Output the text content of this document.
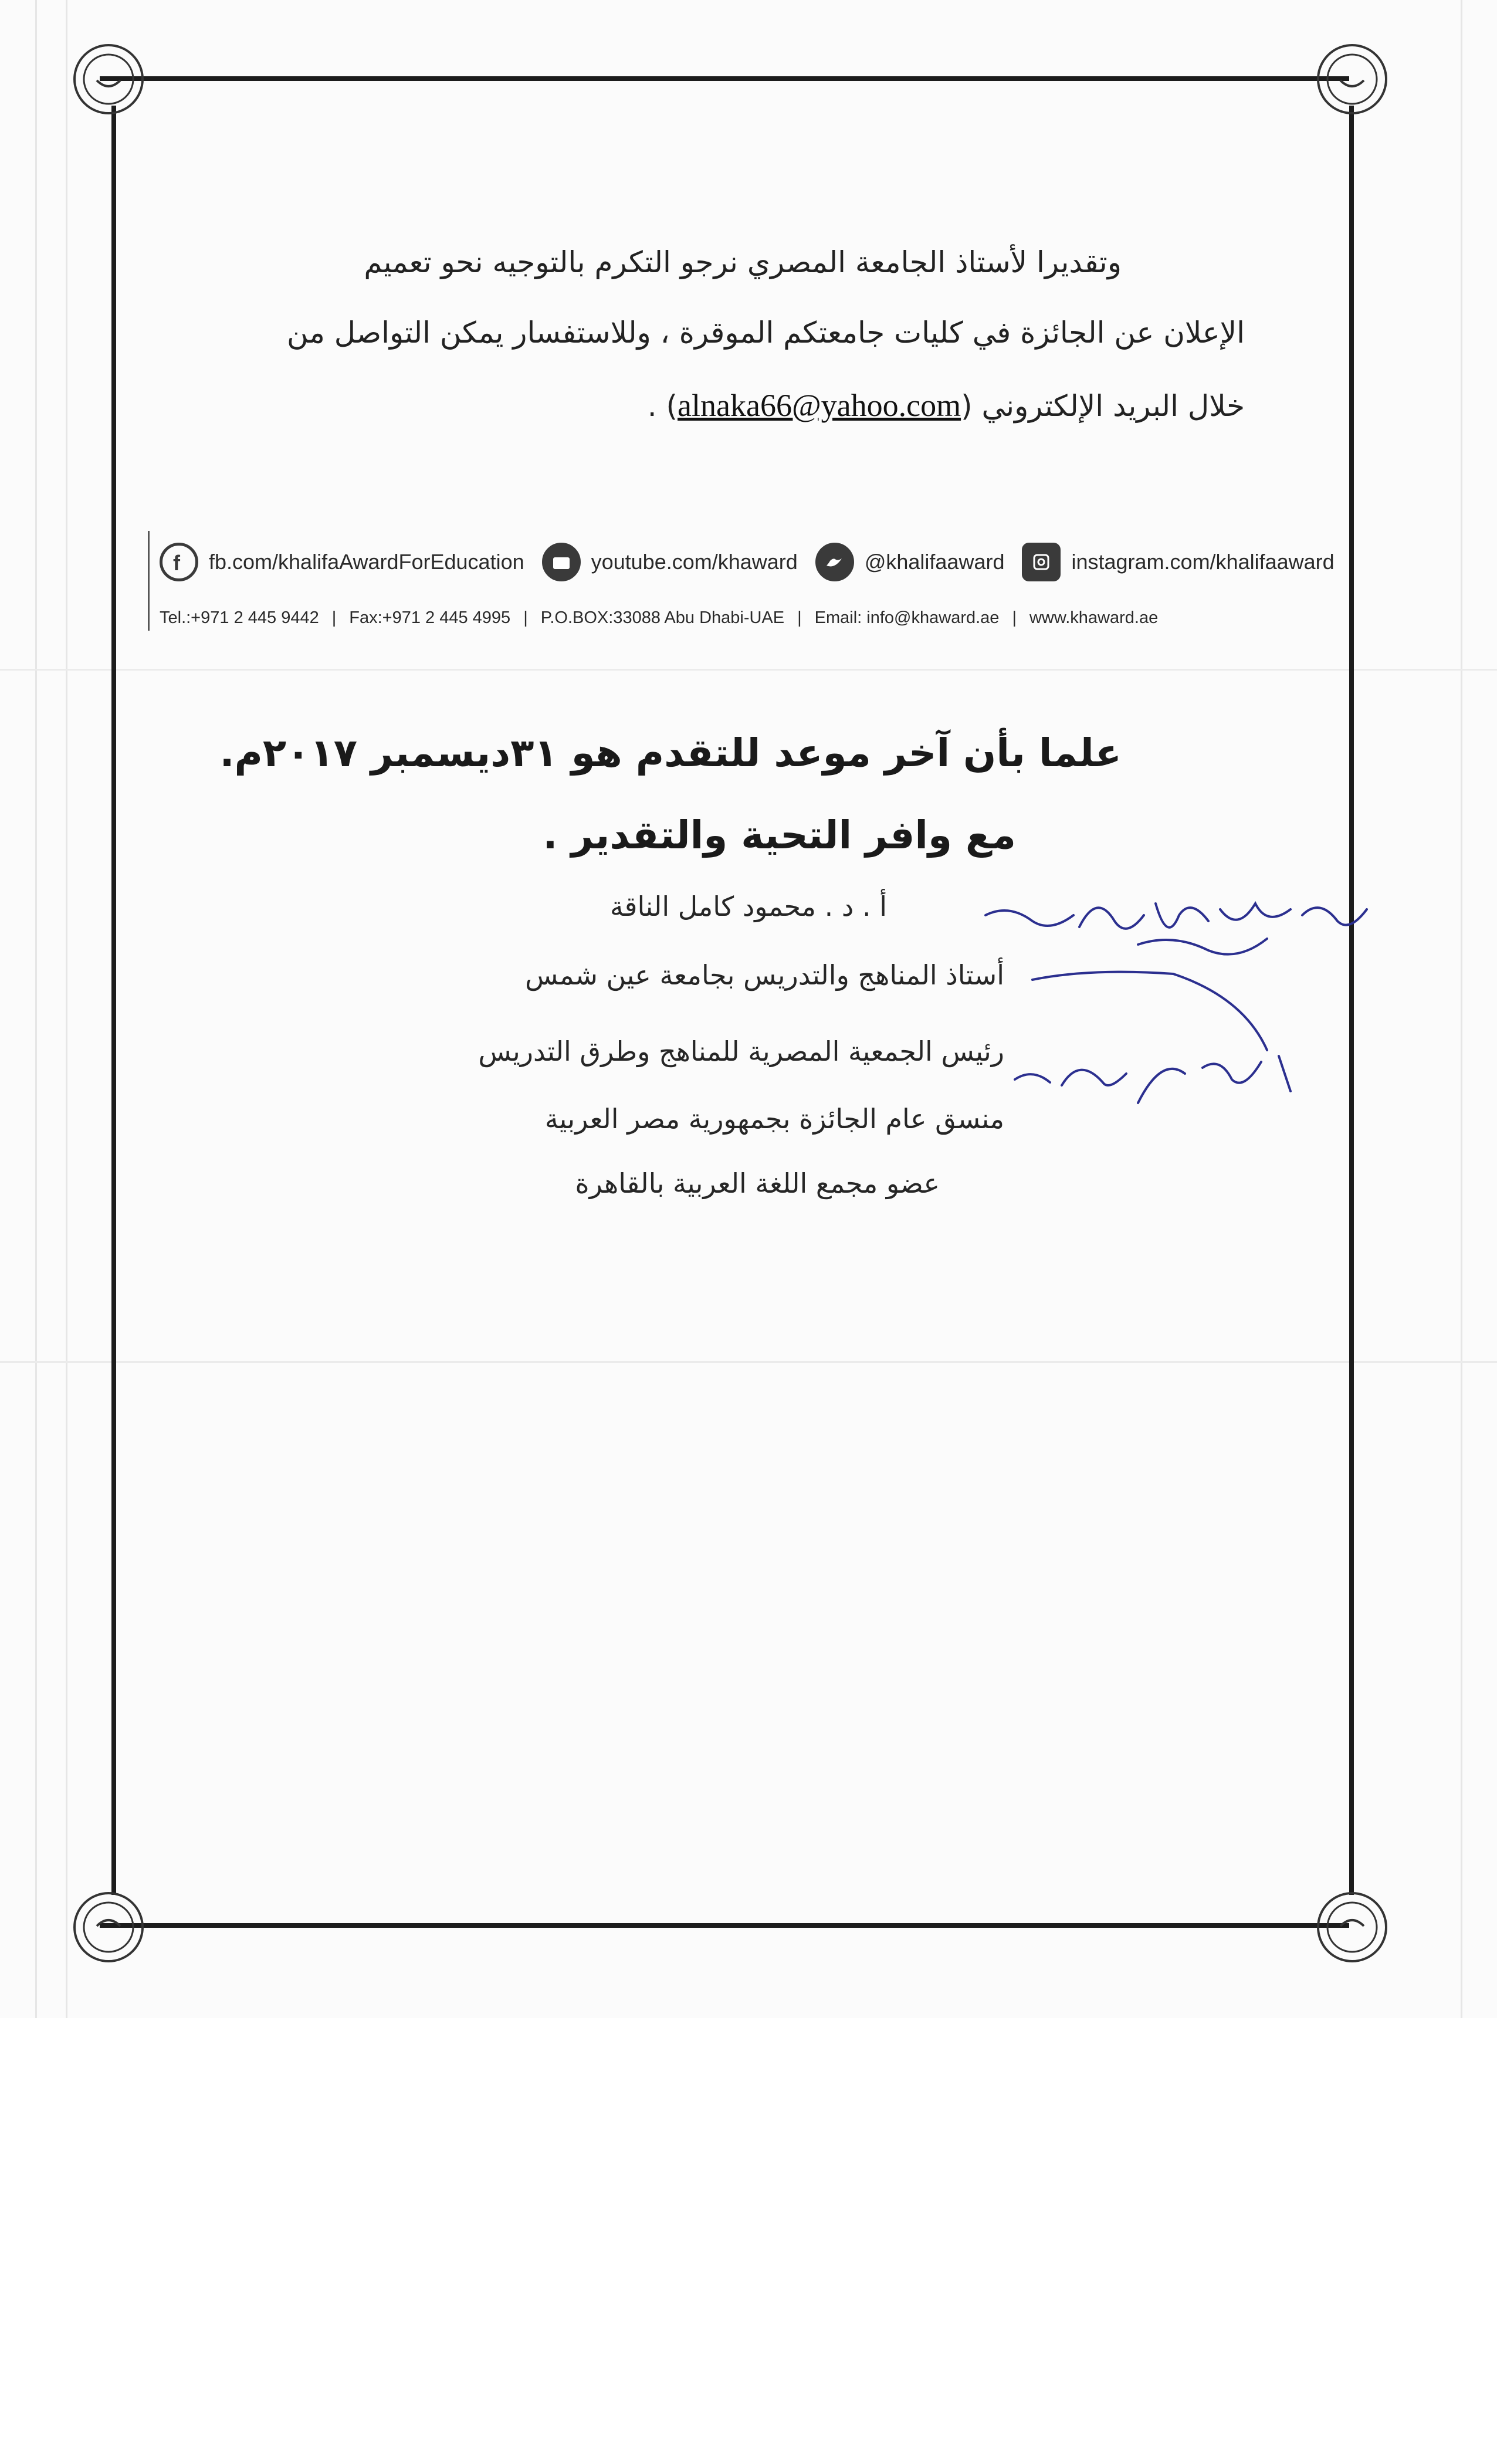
وتقديرا لأستاذ الجامعة المصري نرجو التكرم بالتوجيه نحو تعميم
الإعلان عن الجائزة في كليات جامعتكم الموقرة ، وللاستفسار يمكن التواصل من
خلال البريد الإلكتروني (alnaka66@yahoo.com) .
f fb.com/khalifaAwardForEducation	youtube.com/khaward	@khalifaaward	instagram.com/khalifaaward
Tel.:+971 2 445 9442 | Fax:+971 2 445 4995 | P.O.BOX:33088 Abu Dhabi-UAE | Email: info@khaward.ae | www.khaward.ae
علما بأن آخر موعد للتقدم هو ٣١ديسمبر ٢٠١٧م.
مع وافر التحية والتقدير .
أ . د . محمود كامل الناقة
أستاذ المناهج والتدريس بجامعة عين شمس
رئيس الجمعية المصرية للمناهج وطرق التدريس
منسق عام الجائزة بجمهورية مصر العربية
عضو مجمع اللغة العربية بالقاهرة
